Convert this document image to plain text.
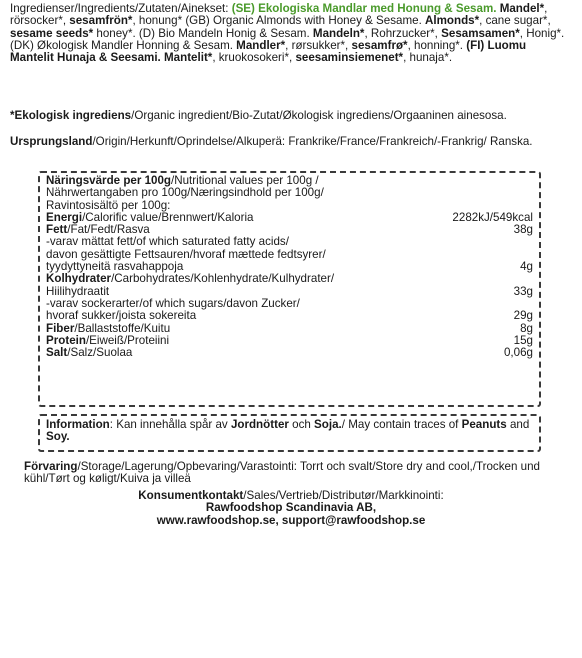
Ingredienser/Ingredients/Zutaten/Ainekset: (SE) Ekologiska Mandlar med Honung & Sesam. Mandel*, rörsocker*, sesamfrön*, honung* (GB) Organic Almonds with Honey & Sesame. Almonds*, cane sugar*, sesame seeds* honey*. (D) Bio Mandeln Honig & Sesam. Mandeln*, Rohrzucker*, Sesamsamen*, Honig*. (DK) Økologisk Mandler Honning & Sesam. Mandler*, rørsukker*, sesamfrø*, honning*. (FI) Luomu Mantelit Hunaja & Seesami. Mantelit*, kruokosokeri*, seesaminsiemenet*, hunaja*.
*Ekologisk ingrediens/Organic ingredient/Bio-Zutat/Økologisk ingrediens/Orgaaninen ainesosa.
Ursprungsland/Origin/Herkunft/Oprindelse/Alkuperä: Frankrike/France/Frankreich/-Frankrig/ Ranska.
Näringsvärde per 100g/Nutritional values per 100g /
Nährwertangaben pro 100g/Næringsindhold per 100g/
Ravintosisältö per 100g:
Energi/Calorific value/Brennwert/Kaloria	2282kJ/549kcal
Fett/Fat/Fedt/Rasva	38g
-varav mättat fett/of which saturated fatty acids/
davon gesättigte Fettsauren/hvoraf mættede fedtsyrer/
tyydyttyneitä rasvahappoja	4g
Kolhydrater/Carbohydrates/Kohlenhydrate/Kulhydrater/
Hiilihydraatit	33g
-varav sockerarter/of which sugars/davon Zucker/
hvoraf sukker/joista sokereita	29g
Fiber/Ballaststoffe/Kuitu	8g
Protein/Eiweiß/Proteiini	15g
Salt/Salz/Suolaa	0,06g
Information: Kan innehålla spår av Jordnötter och Soja./ May contain traces of Peanuts and Soy.
Förvaring/Storage/Lagerung/Opbevaring/Varastointi: Torrt och svalt/Store dry and cool,/Trocken und kühl/Tørt og køligt/Kuiva ja villeä
Konsumentkontakt/Sales/Vertrieb/Distributør/Markkinointi:
Rawfoodshop Scandinavia AB,
www.rawfoodshop.se, support@rawfoodshop.se
